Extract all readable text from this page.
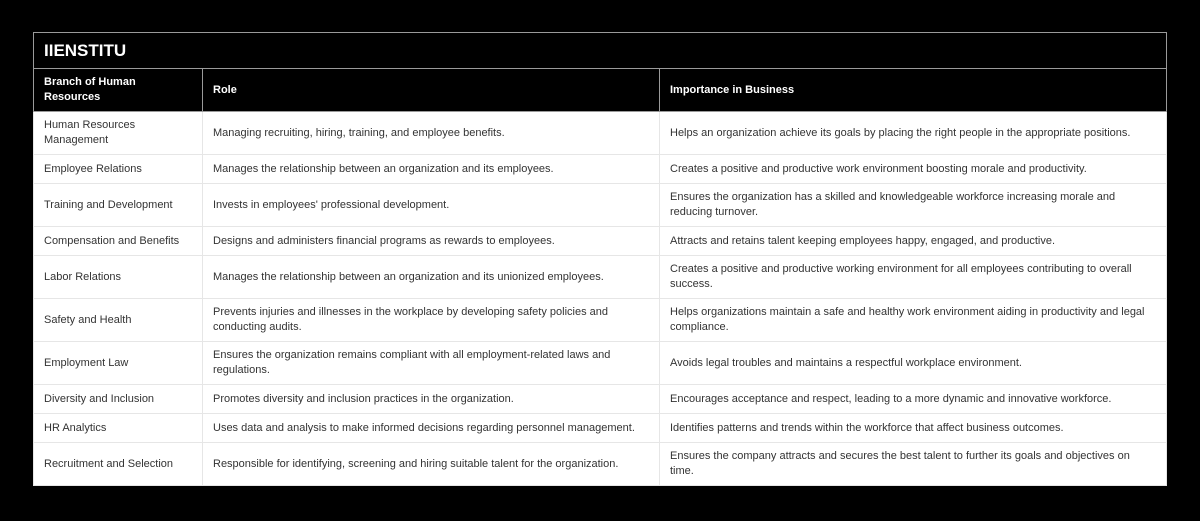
IIENSTITU		
Branch of Human Resources	Role	Importance in Business
Human Resources Management	Managing recruiting, hiring, training, and employee benefits.	Helps an organization achieve its goals by placing the right people in the appropriate positions.
Employee Relations	Manages the relationship between an organization and its employees.	Creates a positive and productive work environment boosting morale and productivity.
Training and Development	Invests in employees' professional development.	Ensures the organization has a skilled and knowledgeable workforce increasing morale and reducing turnover.
Compensation and Benefits	Designs and administers financial programs as rewards to employees.	Attracts and retains talent keeping employees happy, engaged, and productive.
Labor Relations	Manages the relationship between an organization and its unionized employees.	Creates a positive and productive working environment for all employees contributing to overall success.
Safety and Health	Prevents injuries and illnesses in the workplace by developing safety policies and conducting audits.	Helps organizations maintain a safe and healthy work environment aiding in productivity and legal compliance.
Employment Law	Ensures the organization remains compliant with all employment-related laws and regulations.	Avoids legal troubles and maintains a respectful workplace environment.
Diversity and Inclusion	Promotes diversity and inclusion practices in the organization.	Encourages acceptance and respect, leading to a more dynamic and innovative workforce.
HR Analytics	Uses data and analysis to make informed decisions regarding personnel management.	Identifies patterns and trends within the workforce that affect business outcomes.
Recruitment and Selection	Responsible for identifying, screening and hiring suitable talent for the organization.	Ensures the company attracts and secures the best talent to further its goals and objectives on time.
